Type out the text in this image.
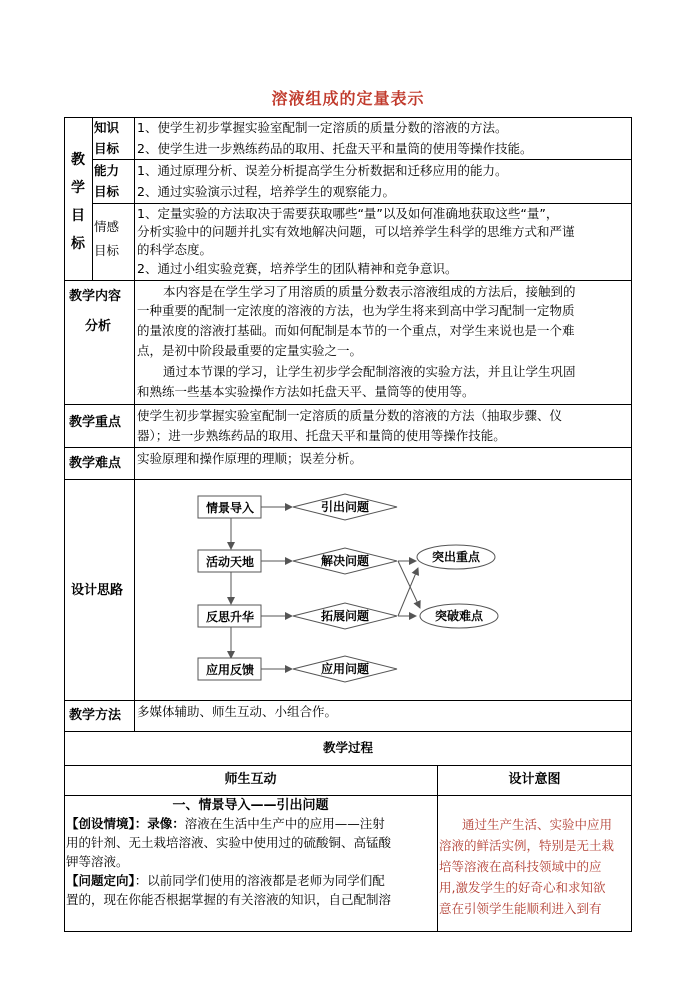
溶液组成的定量表示
教
学
目
标
知识
目标
1、使学生初步掌握实验室配制一定溶质的质量分数的溶液的方法。
2、使学生进一步熟练药品的取用、托盘天平和量筒的使用等操作技能。
能力
目标
1、通过原理分析、误差分析提高学生分析数据和迁移应用的能力。
2、通过实验演示过程，培养学生的观察能力。
情感
目标
1、定量实验的方法取决于需要获取哪些“量”以及如何准确地获取这些“量”，
分析实验中的问题并扎实有效地解决问题，可以培养学生科学的思维方式和严谨
的科学态度。
2、通过小组实验竞赛，培养学生的团队精神和竞争意识。
教学内容
分析
本内容是在学生学习了用溶质的质量分数表示溶液组成的方法后，接触到的
一种重要的配制一定浓度的溶液的方法，也为学生将来到高中学习配制一定物质
的量浓度的溶液打基础。而如何配制是本节的一个重点，对学生来说也是一个难
点，是初中阶段最重要的定量实验之一。
通过本节课的学习，让学生初步学会配制溶液的实验方法，并且让学生巩固
和熟练一些基本实验操作方法如托盘天平、量筒等的使用等。
教学重点 使学生初步掌握实验室配制一定溶质的质量分数的溶液的方法（抽取步骤、仪
器）；进一步熟练药品的取用、托盘天平和量筒的使用等操作技能。
教学难点 实验原理和操作原理的理顺；误差分析。
设计思路
情景导入
活动天地
反思升华
应用反馈
引出问题
解决问题
拓展问题
应用问题
突出重点
突破难点
教学方法 多媒体辅助、师生互动、小组合作。
教学过程
师生互动	设计意图
一、情景导入——引出问题
【创设情境】：录像：溶液在生活中生产中的应用——注射
用的针剂、无土栽培溶液、实验中使用过的硫酸铜、高锰酸
钾等溶液。
【问题定向】：以前同学们使用的溶液都是老师为同学们配
置的，现在你能否根据掌握的有关溶液的知识，自己配制溶
通过生产生活、实验中应用
溶液的鲜活实例，特别是无土栽
培等溶液在高科技领域中的应
用,激发学生的好奇心和求知欲
意在引领学生能顺利进入到有
